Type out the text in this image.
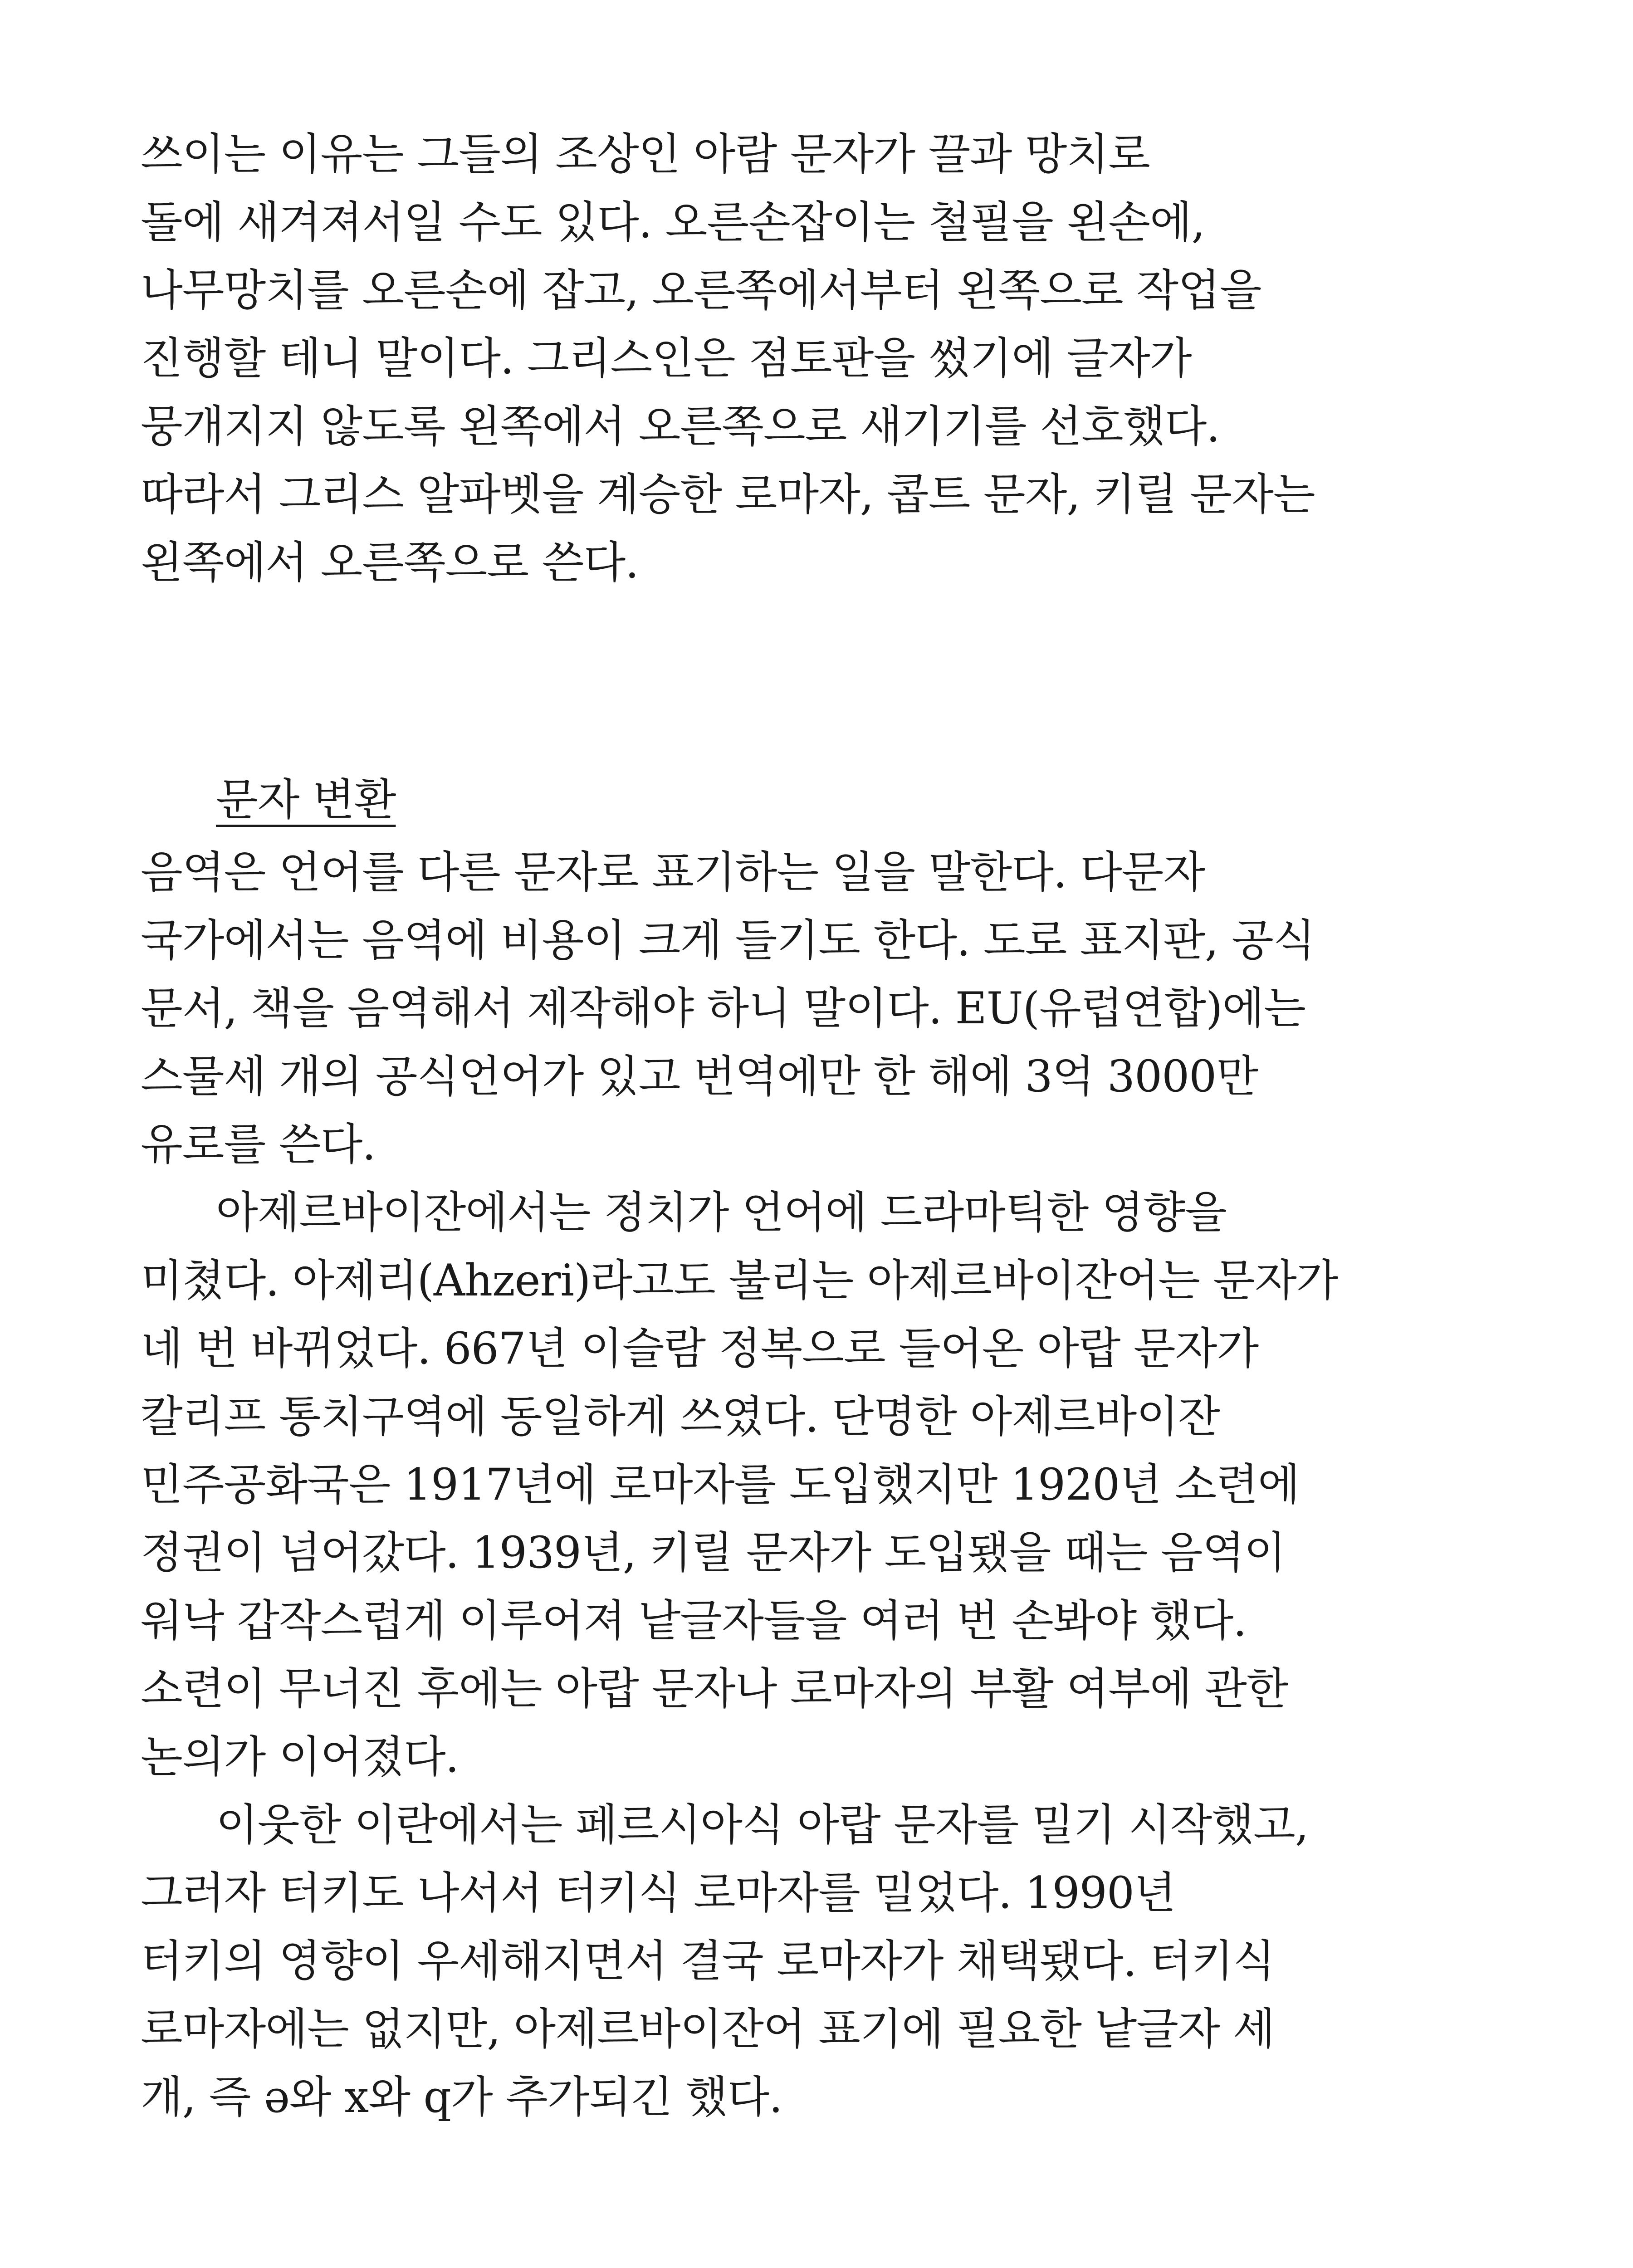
쓰이는 이유는 그들의 조상인 아람 문자가 끌과 망치로
돌에 새겨져서일 수도 있다. 오른손잡이는 철필을 왼손에,
나무망치를 오른손에 잡고, 오른쪽에서부터 왼쪽으로 작업을
진행할 테니 말이다. 그리스인은 점토판을 썼기에 글자가
뭉개지지 않도록 왼쪽에서 오른쪽으로 새기기를 선호했다.
따라서 그리스 알파벳을 계승한 로마자, 콥트 문자, 키릴 문자는
왼쪽에서 오른쪽으로 쓴다.
문자 변환
음역은 언어를 다른 문자로 표기하는 일을 말한다. 다문자
국가에서는 음역에 비용이 크게 들기도 한다. 도로 표지판, 공식
문서, 책을 음역해서 제작해야 하니 말이다. EU(유럽연합)에는
스물세 개의 공식언어가 있고 번역에만 한 해에 3억 3000만
유로를 쓴다.
아제르바이잔에서는 정치가 언어에 드라마틱한 영향을
미쳤다. 아제리(Ahzeri)라고도 불리는 아제르바이잔어는 문자가
네 번 바뀌었다. 667년 이슬람 정복으로 들어온 아랍 문자가
칼리프 통치구역에 동일하게 쓰였다. 단명한 아제르바이잔
민주공화국은 1917년에 로마자를 도입했지만 1920년 소련에
정권이 넘어갔다. 1939년, 키릴 문자가 도입됐을 때는 음역이
워낙 갑작스럽게 이루어져 낱글자들을 여러 번 손봐야 했다.
소련이 무너진 후에는 아랍 문자나 로마자의 부활 여부에 관한
논의가 이어졌다.
이웃한 이란에서는 페르시아식 아랍 문자를 밀기 시작했고,
그러자 터키도 나서서 터키식 로마자를 밀었다. 1990년
터키의 영향이 우세해지면서 결국 로마자가 채택됐다. 터키식
로마자에는 없지만, 아제르바이잔어 표기에 필요한 낱글자 세
개, 즉 ə와 x와 q가 추가되긴 했다.
